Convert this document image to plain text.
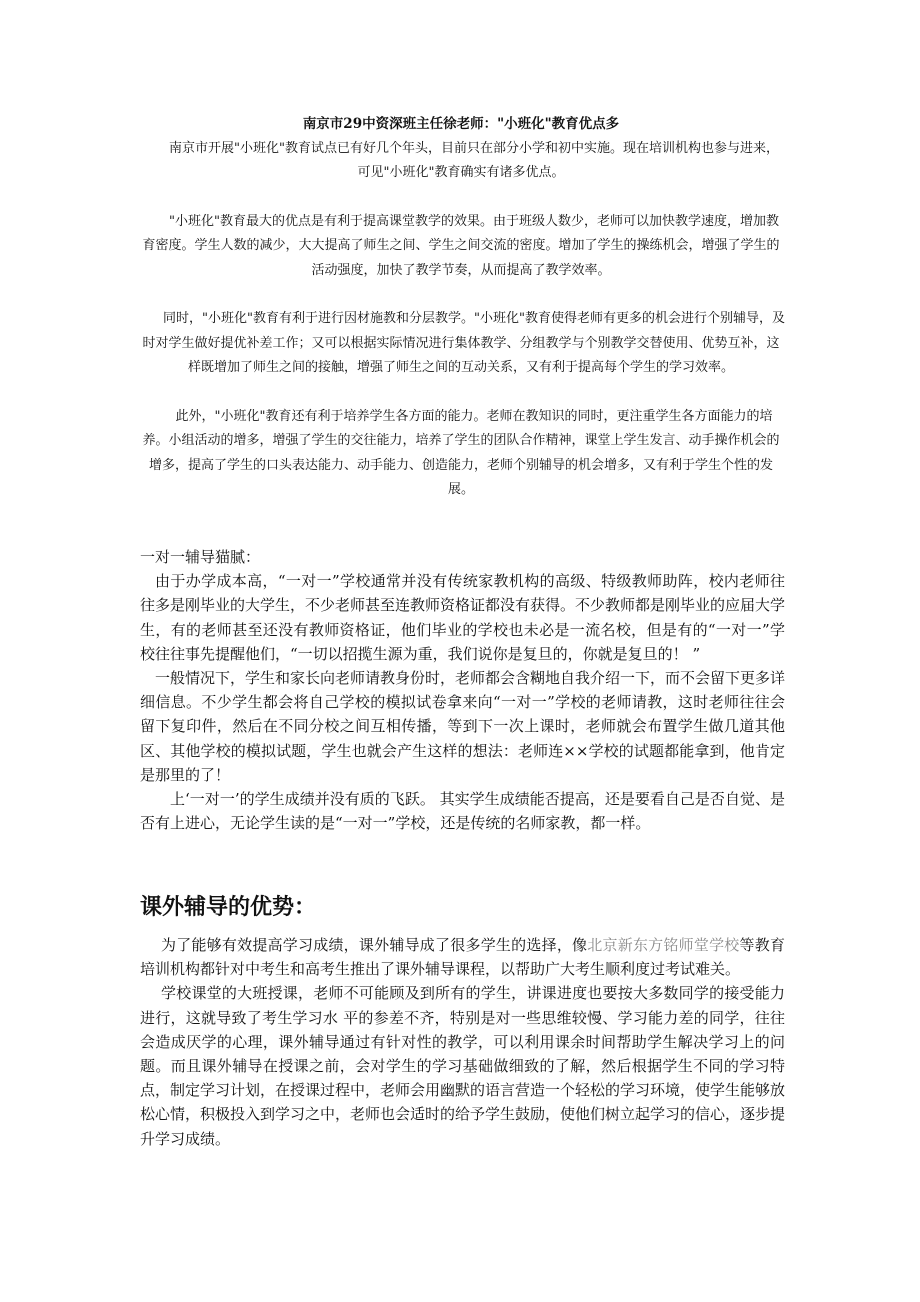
南京市29中资深班主任徐老师："小班化"教育优点多

南京市开展"小班化"教育试点已有好几个年头，目前只在部分小学和初中实施。现在培训机构也参与进来，可见"小班化"教育确实有诸多优点。

"小班化"教育最大的优点是有利于提高课堂教学的效果。由于班级人数少，老师可以加快教学速度，增加教育密度。学生人数的减少，大大提高了师生之间、学生之间交流的密度。增加了学生的操练机会，增强了学生的活动强度，加快了教学节奏，从而提高了教学效率。

同时，"小班化"教育有利于进行因材施教和分层教学。"小班化"教育使得老师有更多的机会进行个别辅导，及时对学生做好提优补差工作；又可以根据实际情况进行集体教学、分组教学与个别教学交替使用、优势互补，这样既增加了师生之间的接触，增强了师生之间的互动关系，又有利于提高每个学生的学习效率。

此外，"小班化"教育还有利于培养学生各方面的能力。老师在教知识的同时，更注重学生各方面能力的培养。小组活动的增多，增强了学生的交往能力，培养了学生的团队合作精神，课堂上学生发言、动手操作机会的增多，提高了学生的口头表达能力、动手能力、创造能力，老师个别辅导的机会增多，又有利于学生个性的发展。

一对一辅导猫腻：

由于办学成本高，“一对一”学校通常并没有传统家教机构的高级、特级教师助阵，校内老师往往多是刚毕业的大学生，不少老师甚至连教师资格证都没有获得。不少教师都是刚毕业的应届大学生，有的老师甚至还没有教师资格证，他们毕业的学校也未必是一流名校，但是有的“一对一”学校往往事先提醒他们，“一切以招揽生源为重，我们说你是复旦的，你就是复旦的！ ”

一般情况下，学生和家长向老师请教身份时，老师都会含糊地自我介绍一下，而不会留下更多详细信息。不少学生都会将自己学校的模拟试卷拿来向“一对一”学校的老师请教，这时老师往往会留下复印件，然后在不同分校之间互相传播，等到下一次上课时，老师就会布置学生做几道其他区、其他学校的模拟试题，学生也就会产生这样的想法：老师连××学校的试题都能拿到，他肯定是那里的了！

上‘一对一’的学生成绩并没有质的飞跃。 其实学生成绩能否提高，还是要看自己是否自觉、是否有上进心，无论学生读的是“一对一”学校，还是传统的名师家教，都一样。

课外辅导的优势：

为了能够有效提高学习成绩，课外辅导成了很多学生的选择，像北京新东方铭师堂学校等教育培训机构都针对中考生和高考生推出了课外辅导课程，以帮助广大考生顺利度过考试难关。

学校课堂的大班授课，老师不可能顾及到所有的学生，讲课进度也要按大多数同学的接受能力进行，这就导致了考生学习水 平的参差不齐，特别是对一些思维较慢、学习能力差的同学，往往会造成厌学的心理，课外辅导通过有针对性的教学，可以利用课余时间帮助学生解决学习上的问题。而且课外辅导在授课之前，会对学生的学习基础做细致的了解，然后根据学生不同的学习特点，制定学习计划，在授课过程中，老师会用幽默的语言营造一个轻松的学习环境，使学生能够放松心情，积极投入到学习之中，老师也会适时的给予学生鼓励，使他们树立起学习的信心，逐步提升学习成绩。
